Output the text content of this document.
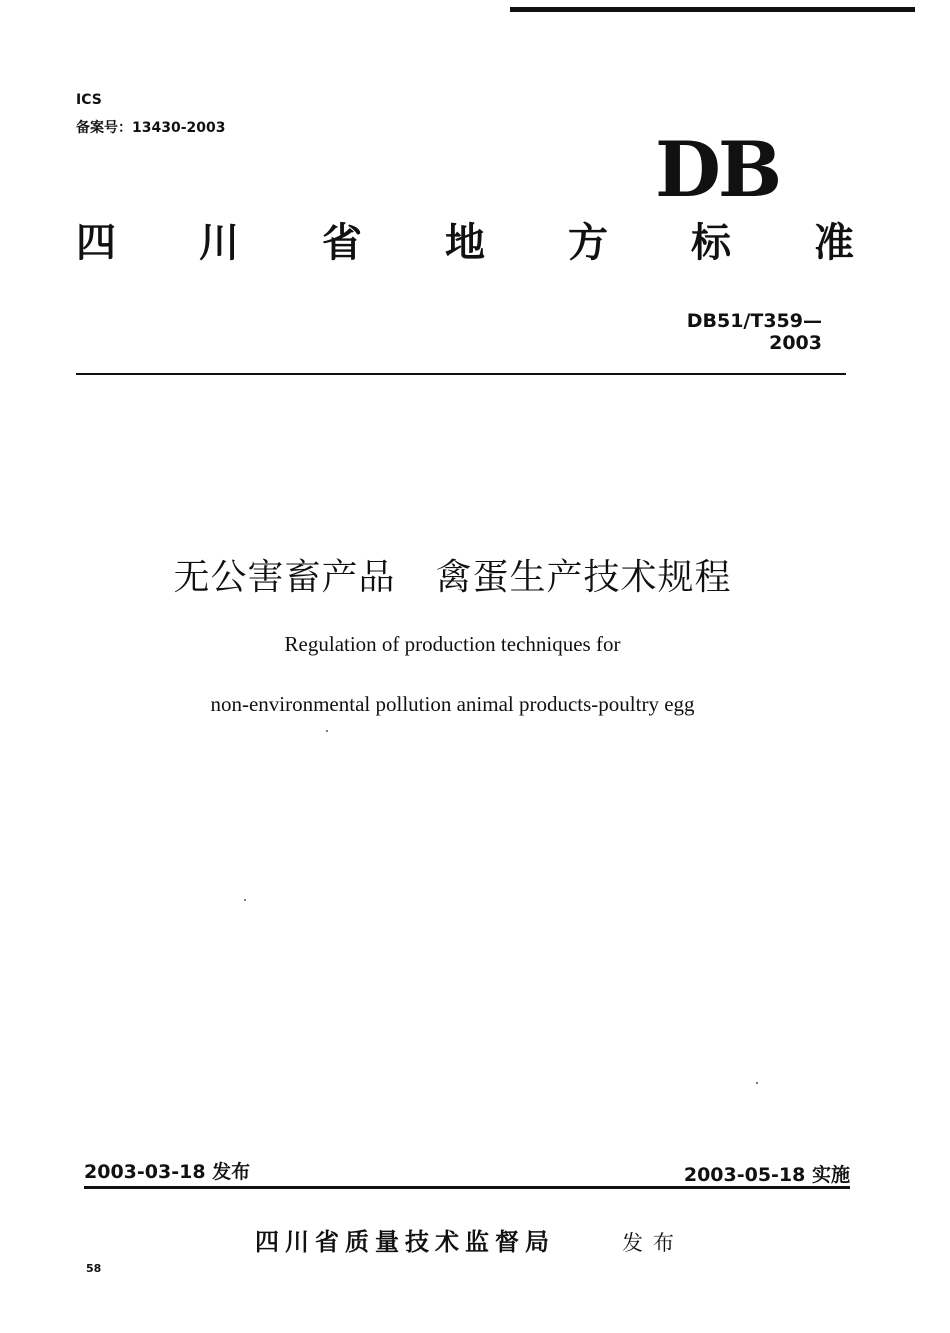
ICS
备案号：13430-2003	DB
四 川 省 地 方 标 准
DB51/T359—2003
无公害畜产品 禽蛋生产技术规程
Regulation of production techniques for
non-environmental pollution animal products-poultry egg
2003-03-18 发布	2003-05-18 实施
四川省质量技术监督局	发布
58
